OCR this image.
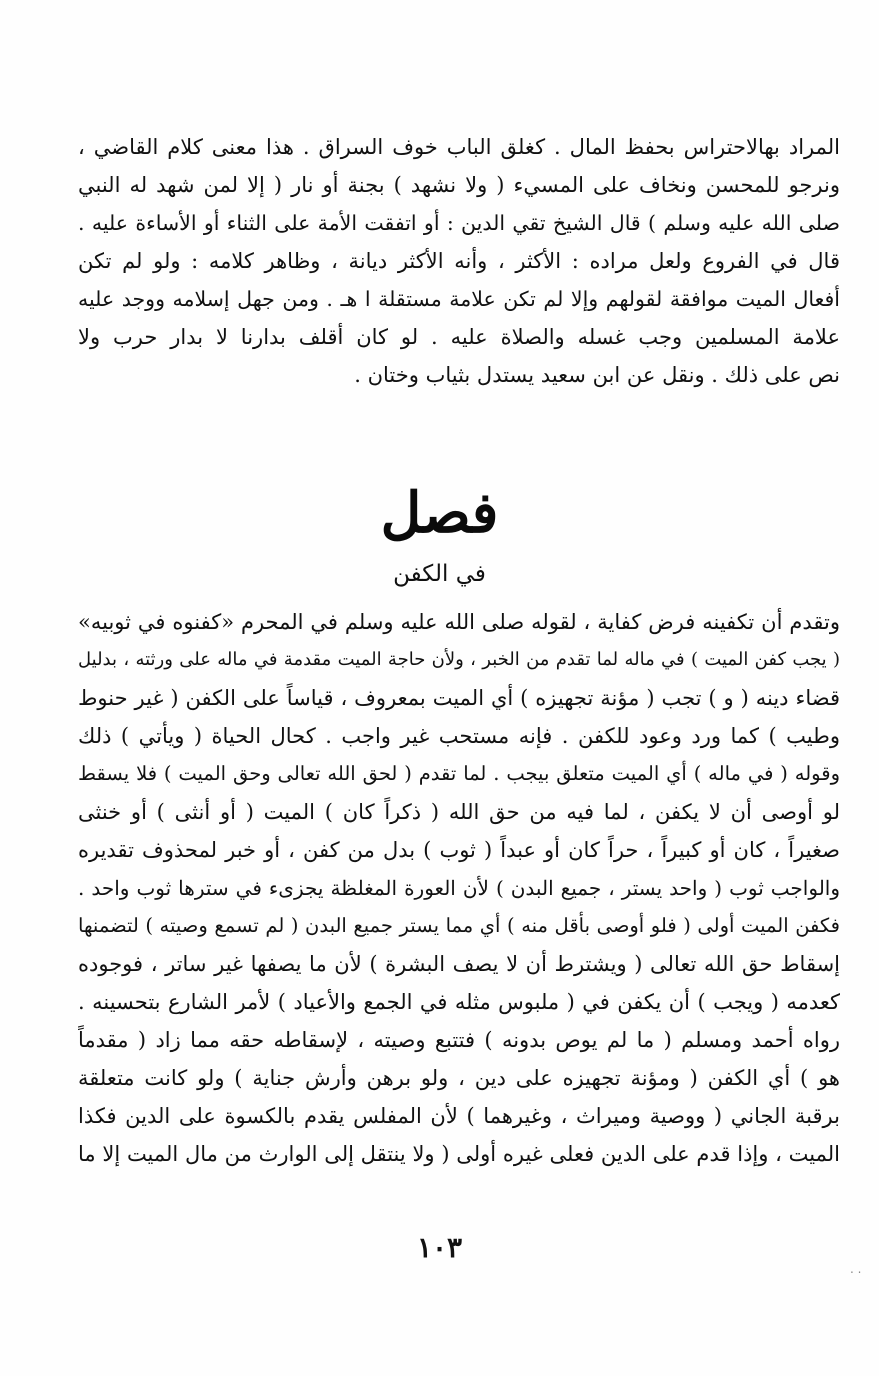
المراد بهالاحتراس بحفظ المال . كغلق الباب خوف السراق . هذا معنى كلام القاضي ،
ونرجو للمحسن ونخاف على المسيء ( ولا نشهد ) بجنة أو نار ( إلا لمن شهد له النبي
صلى الله عليه وسلم ) قال الشيخ تقي الدين : أو اتفقت الأمة على الثناء أو الأساءة عليه .
قال في الفروع ولعل مراده : الأكثر ، وأنه الأكثر ديانة ، وظاهر كلامه : ولو لم تكن
أفعال الميت موافقة لقولهم وإلا لم تكن علامة مستقلة ا هـ . ومن جهل إسلامه ووجد عليه
علامة المسلمين وجب غسله والصلاة عليه . لو كان أقلف بدارنا لا بدار حرب ولا
نص على ذلك . ونقل عن ابن سعيد يستدل بثياب وختان .
فصل
في الكفن
وتقدم أن تكفينه فرض كفاية ، لقوله صلى الله عليه وسلم في المحرم «كفنوه في ثوبيه»
( يجب كفن الميت ) في ماله لما تقدم من الخبر ، ولأن حاجة الميت مقدمة في ماله على ورثته ، بدليل
قضاء دينه ( و ) تجب ( مؤنة تجهيزه ) أي الميت بمعروف ، قياساً على الكفن ( غير حنوط
وطيب ) كما ورد وعود للكفن . فإنه مستحب غير واجب . كحال الحياة ( ويأتي ) ذلك
وقوله ( في ماله ) أي الميت متعلق بيجب . لما تقدم ( لحق الله تعالى وحق الميت ) فلا يسقط
لو أوصى أن لا يكفن ، لما فيه من حق الله ( ذكراً كان ) الميت ( أو أنثى ) أو خنثى
صغيراً ، كان أو كبيراً ، حراً كان أو عبداً ( ثوب ) بدل من كفن ، أو خبر لمحذوف تقديره
والواجب ثوب ( واحد يستر ، جميع البدن ) لأن العورة المغلظة يجزىء في سترها ثوب واحد .
فكفن الميت أولى ( فلو أوصى بأقل منه ) أي مما يستر جميع البدن ( لم تسمع وصيته ) لتضمنها
إسقاط حق الله تعالى ( ويشترط أن لا يصف البشرة ) لأن ما يصفها غير ساتر ، فوجوده
كعدمه ( ويجب ) أن يكفن في ( ملبوس مثله في الجمع والأعياد ) لأمر الشارع بتحسينه .
رواه أحمد ومسلم ( ما لم يوص بدونه ) فتتبع وصيته ، لإسقاطه حقه مما زاد ( مقدماً
هو ) أي الكفن ( ومؤنة تجهيزه على دين ، ولو برهن وأرش جناية ) ولو كانت متعلقة
برقبة الجاني ( ووصية وميراث ، وغيرهما ) لأن المفلس يقدم بالكسوة على الدين فكذا
الميت ، وإذا قدم على الدين فعلى غيره أولى ( ولا ينتقل إلى الوارث من مال الميت إلا ما
١٠٣
. .
